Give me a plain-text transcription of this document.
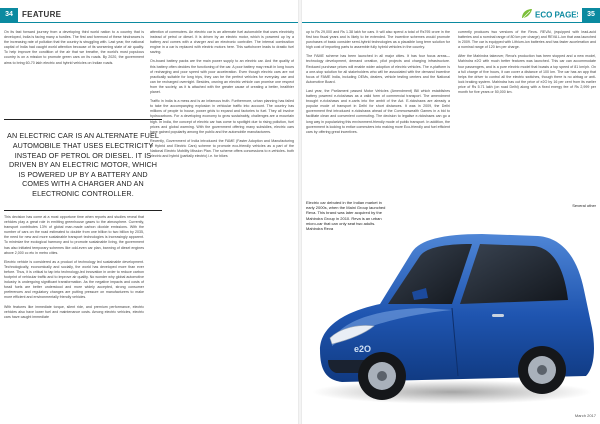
34	FEATURE

On its fast forward journey from a developing third world nation to a country that is developed, India is facing many a hurdles. The first and foremost of these hindrances is the increasing rate of pollution that the country is struggling with. Last year, the national capital of India had caught world attention because of its worsening state of air quality. To help improve the condition of the air that we breathe, the world's most populous country is on a mission to promote green cars on its roads. By 2020, the government aims to bring 60-70 lakh electric and hybrid vehicles on Indian roads.

AN ELECTRIC CAR IS AN ALTERNATE FUEL AUTOMOBILE THAT USES ELECTRICITY INSTEAD OF PETROL OR DIESEL. IT IS DRIVEN BY AN ELECTRIC MOTOR, WHICH IS POWERED UP BY A BATTERY AND COMES WITH A CHARGER AND AN ELECTRONIC CONTROLLER.

This decision has come at a most opportune time when reports and studies reveal that vehicles play a great role in emitting greenhouse gases to the atmosphere. Currently, transport contributes 13% of global man-made carbon dioxide emissions. With the number of cars on the road estimated to double from one billion to two billion by 2035, the need for new and more sustainable transport technologies is increasingly apparent. To minimize the ecological harmony and to promote sustainable living, the government has also initiated temporary schemes like odd-even car plan, banning of diesel engines above 2,000 cc etc in metro cities.

Electric vehicle is considered as a product of technology led sustainable development. Technologically, economically and socially, the world has developed more than ever before. Thus, it is critical to tap into technology-led innovation in order to reduce carbon footprint of vehicular traffic and to improve air quality. No wonder why global automotive industry is undergoing significant transformation. As the negative impacts and costs of fossil fuels are better understood and more widely accepted, strong consumer preferences and regulatory changes are putting pressure on manufacturers to make more efficient and environmentally friendly vehicles.

With features like immediate torque, silent ride, and premium performance, electric vehicles also have lower fuel and maintenance costs. Among electric vehicles, electric cars have caught immediate

attention of commuters. An electric car is an alternate fuel automobile that uses electricity instead of petrol or diesel. It is driven by an electric motor, which is powered up by a battery and comes with a charger and an electronic controller. The internal combustion engine in a car is replaced with electric motors here. This switchover leads to drastic fuel saving.

On-board battery packs are the main power supply to an electric car. And the quality of this battery often decides the functioning of the car. A poor battery may result in long hours of recharging and poor speed with poor acceleration. Even though electric cars are not practically suitable for long trips, they can be the perfect vehicles for everyday use and can be recharged overnight. Besides, owning an electric vehicle can promise one respect from the society, as it is attached with the greater cause of creating a better, healthier planet.

Traffic in India is a mess and is an infamous truth. Furthermore, urban planning has failed to take the accompanying explosion in vehicular traffic into account. The country has millions of people to house, power grids to expand and factories to fuel. They all involve hydrocarbons. For a developing economy to grow sustainably, challenges are a mountain high. In India, the concept of electric car has come to spotlight due to rising pollution, fuel prices and global warming. With the government offering many subsidies, electric cars have gained popularity among the public and the automobile manufacturers.

Recently, Government of India introduced the FAME (Faster Adoption and Manufacturing of Hybrid and Electric Cars) scheme to promote eco-friendly vehicles as a part of the National Electric Mobility Mission Plan. The scheme offers concessions to e-vehicles- both electric and hybrid (partially electric) i.e. for bikes

ECO PAGES 35

up to Rs 29,000 and Rs 1.38 lakh for cars. It will also spend a total of Rs795 crore in the first two fiscal years and is likely to be extended. The incentive schemes would promote purchases of basic consider semi-hybrid technologies as a plausible long term solution for high cost of importing parts to assemble fully hybrid vehicles in the country.

The FAME scheme has been launched in all major cities. It has four focus areas—technology development, demand creation, pilot projects and charging infrastructure. Reduced purchase prices will enable wider adoption of electric vehicles. The e-platform is a one-stop solution for all stakeholders who will be associated with the demand incentive focus of FAME India, including OEMs, dealers, vehicle testing centers and the National Automotive Board.

Last year, the Parliament passed Motor Vehicles (Amendment) Bill which establishes battery powered e-rickshaws as a valid form of commercial transport. The amendment brought e-rickshaws and e-carts into the ambit of the Act. E-rickshaws are already a popular mode of transport in Delhi for short distances. It was in 2009, the Delhi government first introduced e-rickshaws ahead of the Commonwealth Games in a bid to facilitate clean and convenient commuting. The decision to legalise e-rickshaws can go a long way in popularizing this environment-friendly mode of public transport. In addition, the government is looking to entice commuters into making more Eco-friendly and fuel efficient cars by offering great incentives.

currently produces two versions of the Reva- REVAi, (equipped with lead-acid batteries and a nominal range of 80 km per charge) and REVA L-ion that was launched in 2009. The car is equipped with Lithium-ion batteries and has faster acceleration and a nominal range of 120 km per charge.

After the Mahindra takeover, Reva's production has been stopped and a new model, Mahindra e2O with much better features was launched. This car can accommodate four passengers, and is a pure electric model that boasts a top speed of 81 km/ph. On a full charge of five hours, it can cover a distance of 100 km. The car has an app that helps the driver to control all the electric switches, though there is no airbag or anti-lock braking system. Mahindra has cut the price of e2O by 16 per cent from its earlier price of Rs 5.71 lakh (on road Delhi) along with a fixed energy fee of Rs 2,999 per month for five years or 50,000 km.

e2O
Electric car debuted in the Indian market in early 2000s, when the Maini Group launched Reva. This brand was later acquired by the Mahindra Group in 2010. Reva is an urban micro-car that can only seat two adults. Mahindra Reva
Several other
March 2017
